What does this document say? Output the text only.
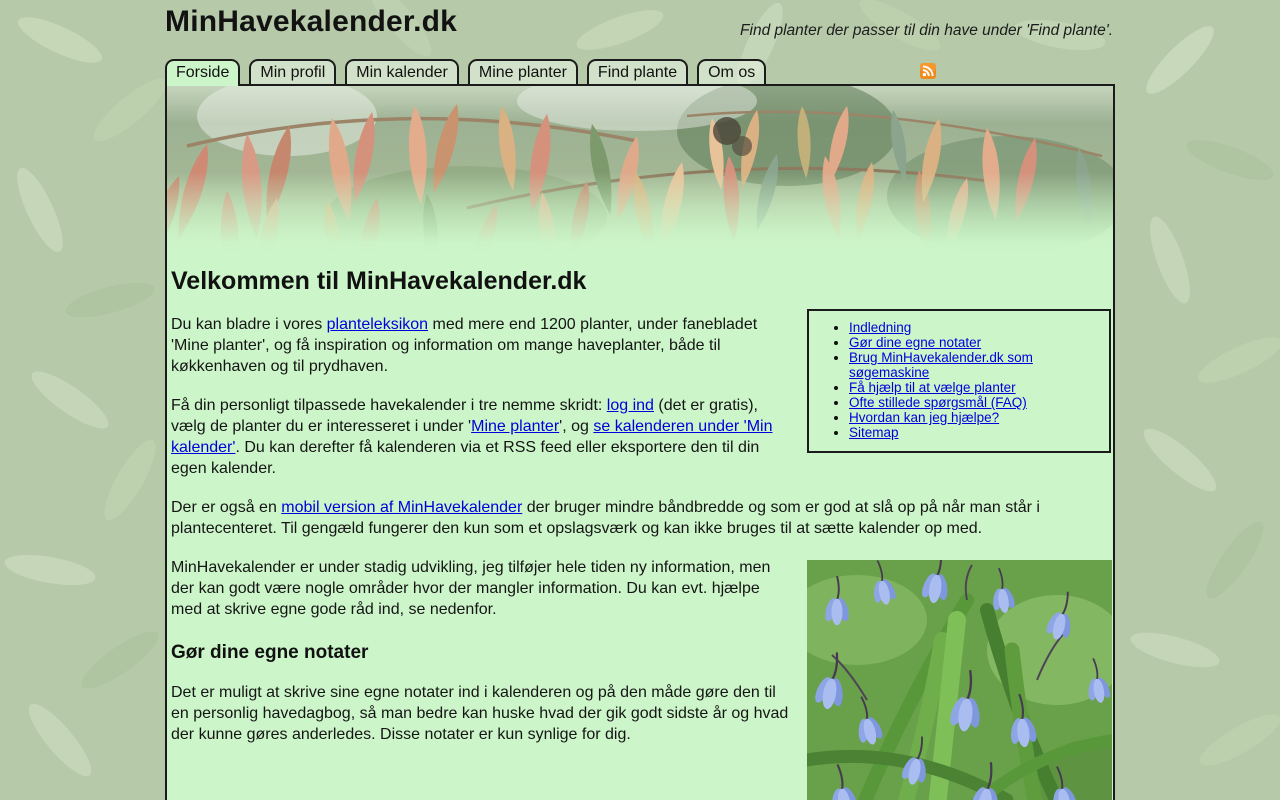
MinHavekalender.dk	Find planter der passer til din have under 'Find plante'.
Forside	Min profil	Min kalender	Mine planter	Find plante	Om os
Velkommen til MinHavekalender.dk
• Indledning
• Gør dine egne notater
• Brug MinHavekalender.dk som søgemaskine
• Få hjælp til at vælge planter
• Ofte stillede spørgsmål (FAQ)
• Hvordan kan jeg hjælpe?
• Sitemap

Du kan bladre i vores planteleksikon med mere end 1200 planter, under fanebladet 'Mine planter', og få inspiration og information om mange haveplanter, både til køkkenhaven og til prydhaven.

Få din personligt tilpassede havekalender i tre nemme skridt: log ind (det er gratis), vælg de planter du er interesseret i under 'Mine planter', og se kalenderen under 'Min kalender'. Du kan derefter få kalenderen via et RSS feed eller eksportere den til din egen kalender.

Der er også en mobil version af MinHavekalender der bruger mindre båndbredde og som er god at slå op på når man står i plantecenteret. Til gengæld fungerer den kun som et opslagsværk og kan ikke bruges til at sætte kalender op med.

MinHavekalender er under stadig udvikling, jeg tilføjer hele tiden ny information, men der kan godt være nogle områder hvor der mangler information. Du kan evt. hjælpe med at skrive egne gode råd ind, se nedenfor.

Gør dine egne notater

Det er muligt at skrive sine egne notater ind i kalenderen og på den måde gøre den til en personlig havedagbog, så man bedre kan huske hvad der gik godt sidste år og hvad der kunne gøres anderledes. Disse notater er kun synlige for dig.
